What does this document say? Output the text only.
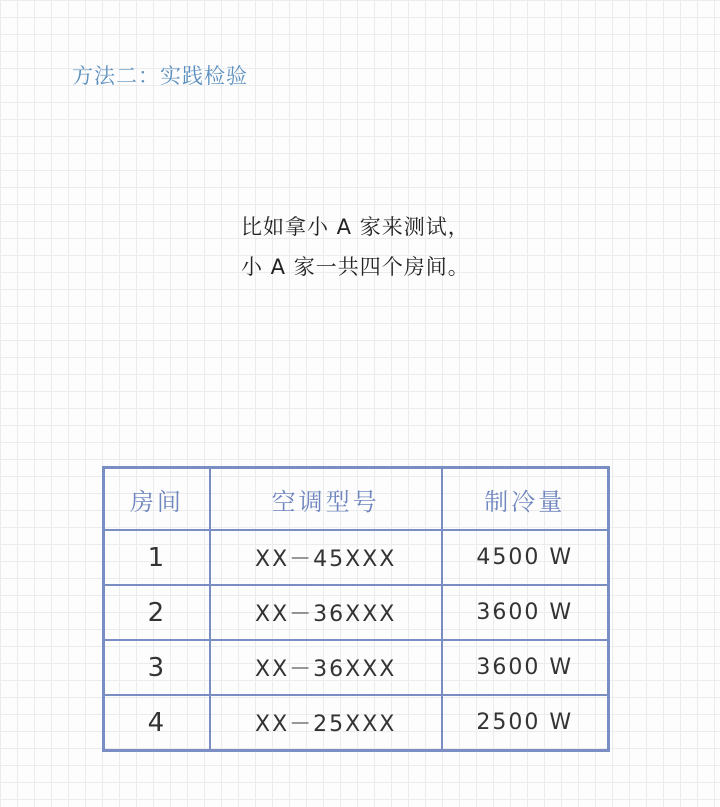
方法二：实践检验
比如拿小 A 家来测试，
小 A 家一共四个房间。
房间	空调型号	制冷量
1	XX－45XXX	4500 W
2	XX－36XXX	3600 W
3	XX－36XXX	3600 W
4	XX－25XXX	2500 W
